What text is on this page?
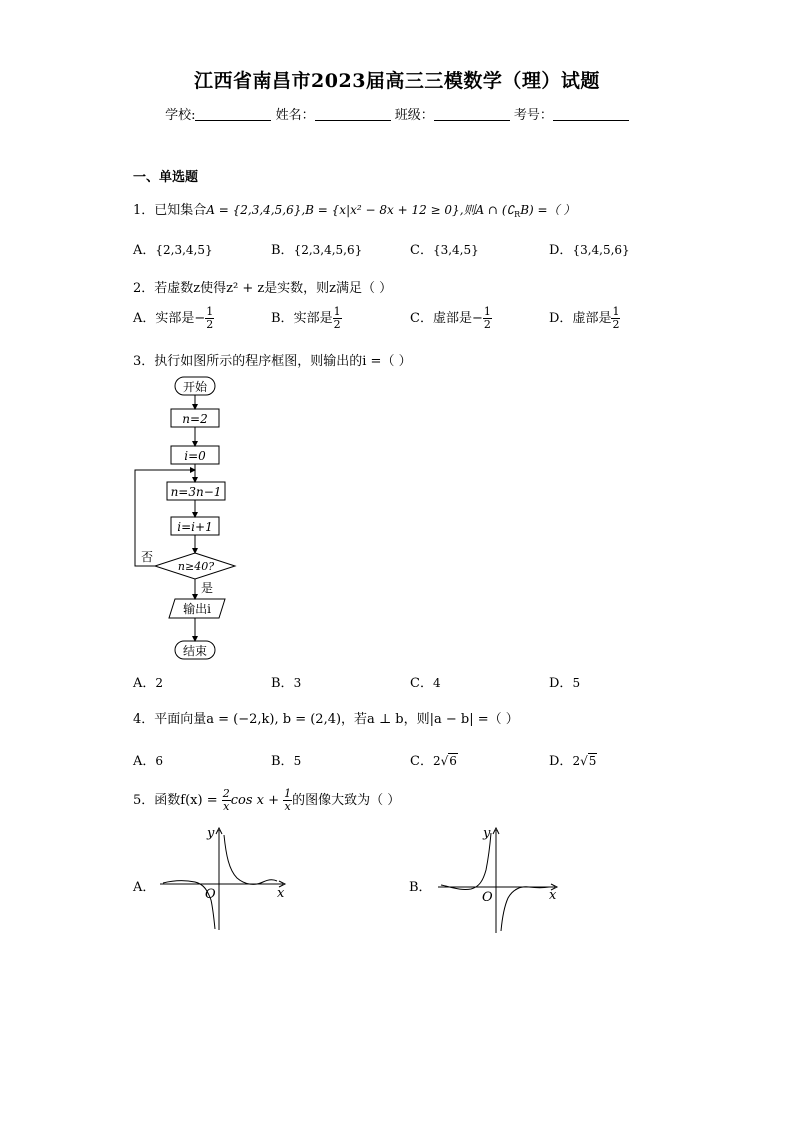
江西省南昌市2023届高三三模数学（理）试题
学校:	姓名：	班级：	考号：
一、单选题
1．已知集合A = {2,3,4,5,6},B = {x|x² − 8x + 12 ≥ 0},则A ∩ $(∁_RB)$ =（ ）
A．{2,3,4,5}	B．{2,3,4,5,6}	C．{3,4,5}	D．{3,4,5,6}
2．若虚数z使得z² + z是实数，则z满足（ ）
A．实部是− $\frac{1}{2}$	B．实部是 $\frac{1}{2}$	C．虚部是− $\frac{1}{2}$	D．虚部是 $\frac{1}{2}$
3．执行如图所示的程序框图，则输出的i =（ ）
开始
n=2
i=0
n=3n−1
i=i+1
n≥40?
否
是
输出i
结束
A．2	B．3	C．4	D．5
4．平面向量a = (−2,k), b = (2,4)，若a ⊥ b，则|a − b| =（ ）
A．6	B．5	C．2√6	D．2√5
5．函数$f(x) = \frac{2}{x}$ $\cos x + \frac{1}{x}$ 的图像大致为（ ）
A．
y
x
O	B．
y
x
O
